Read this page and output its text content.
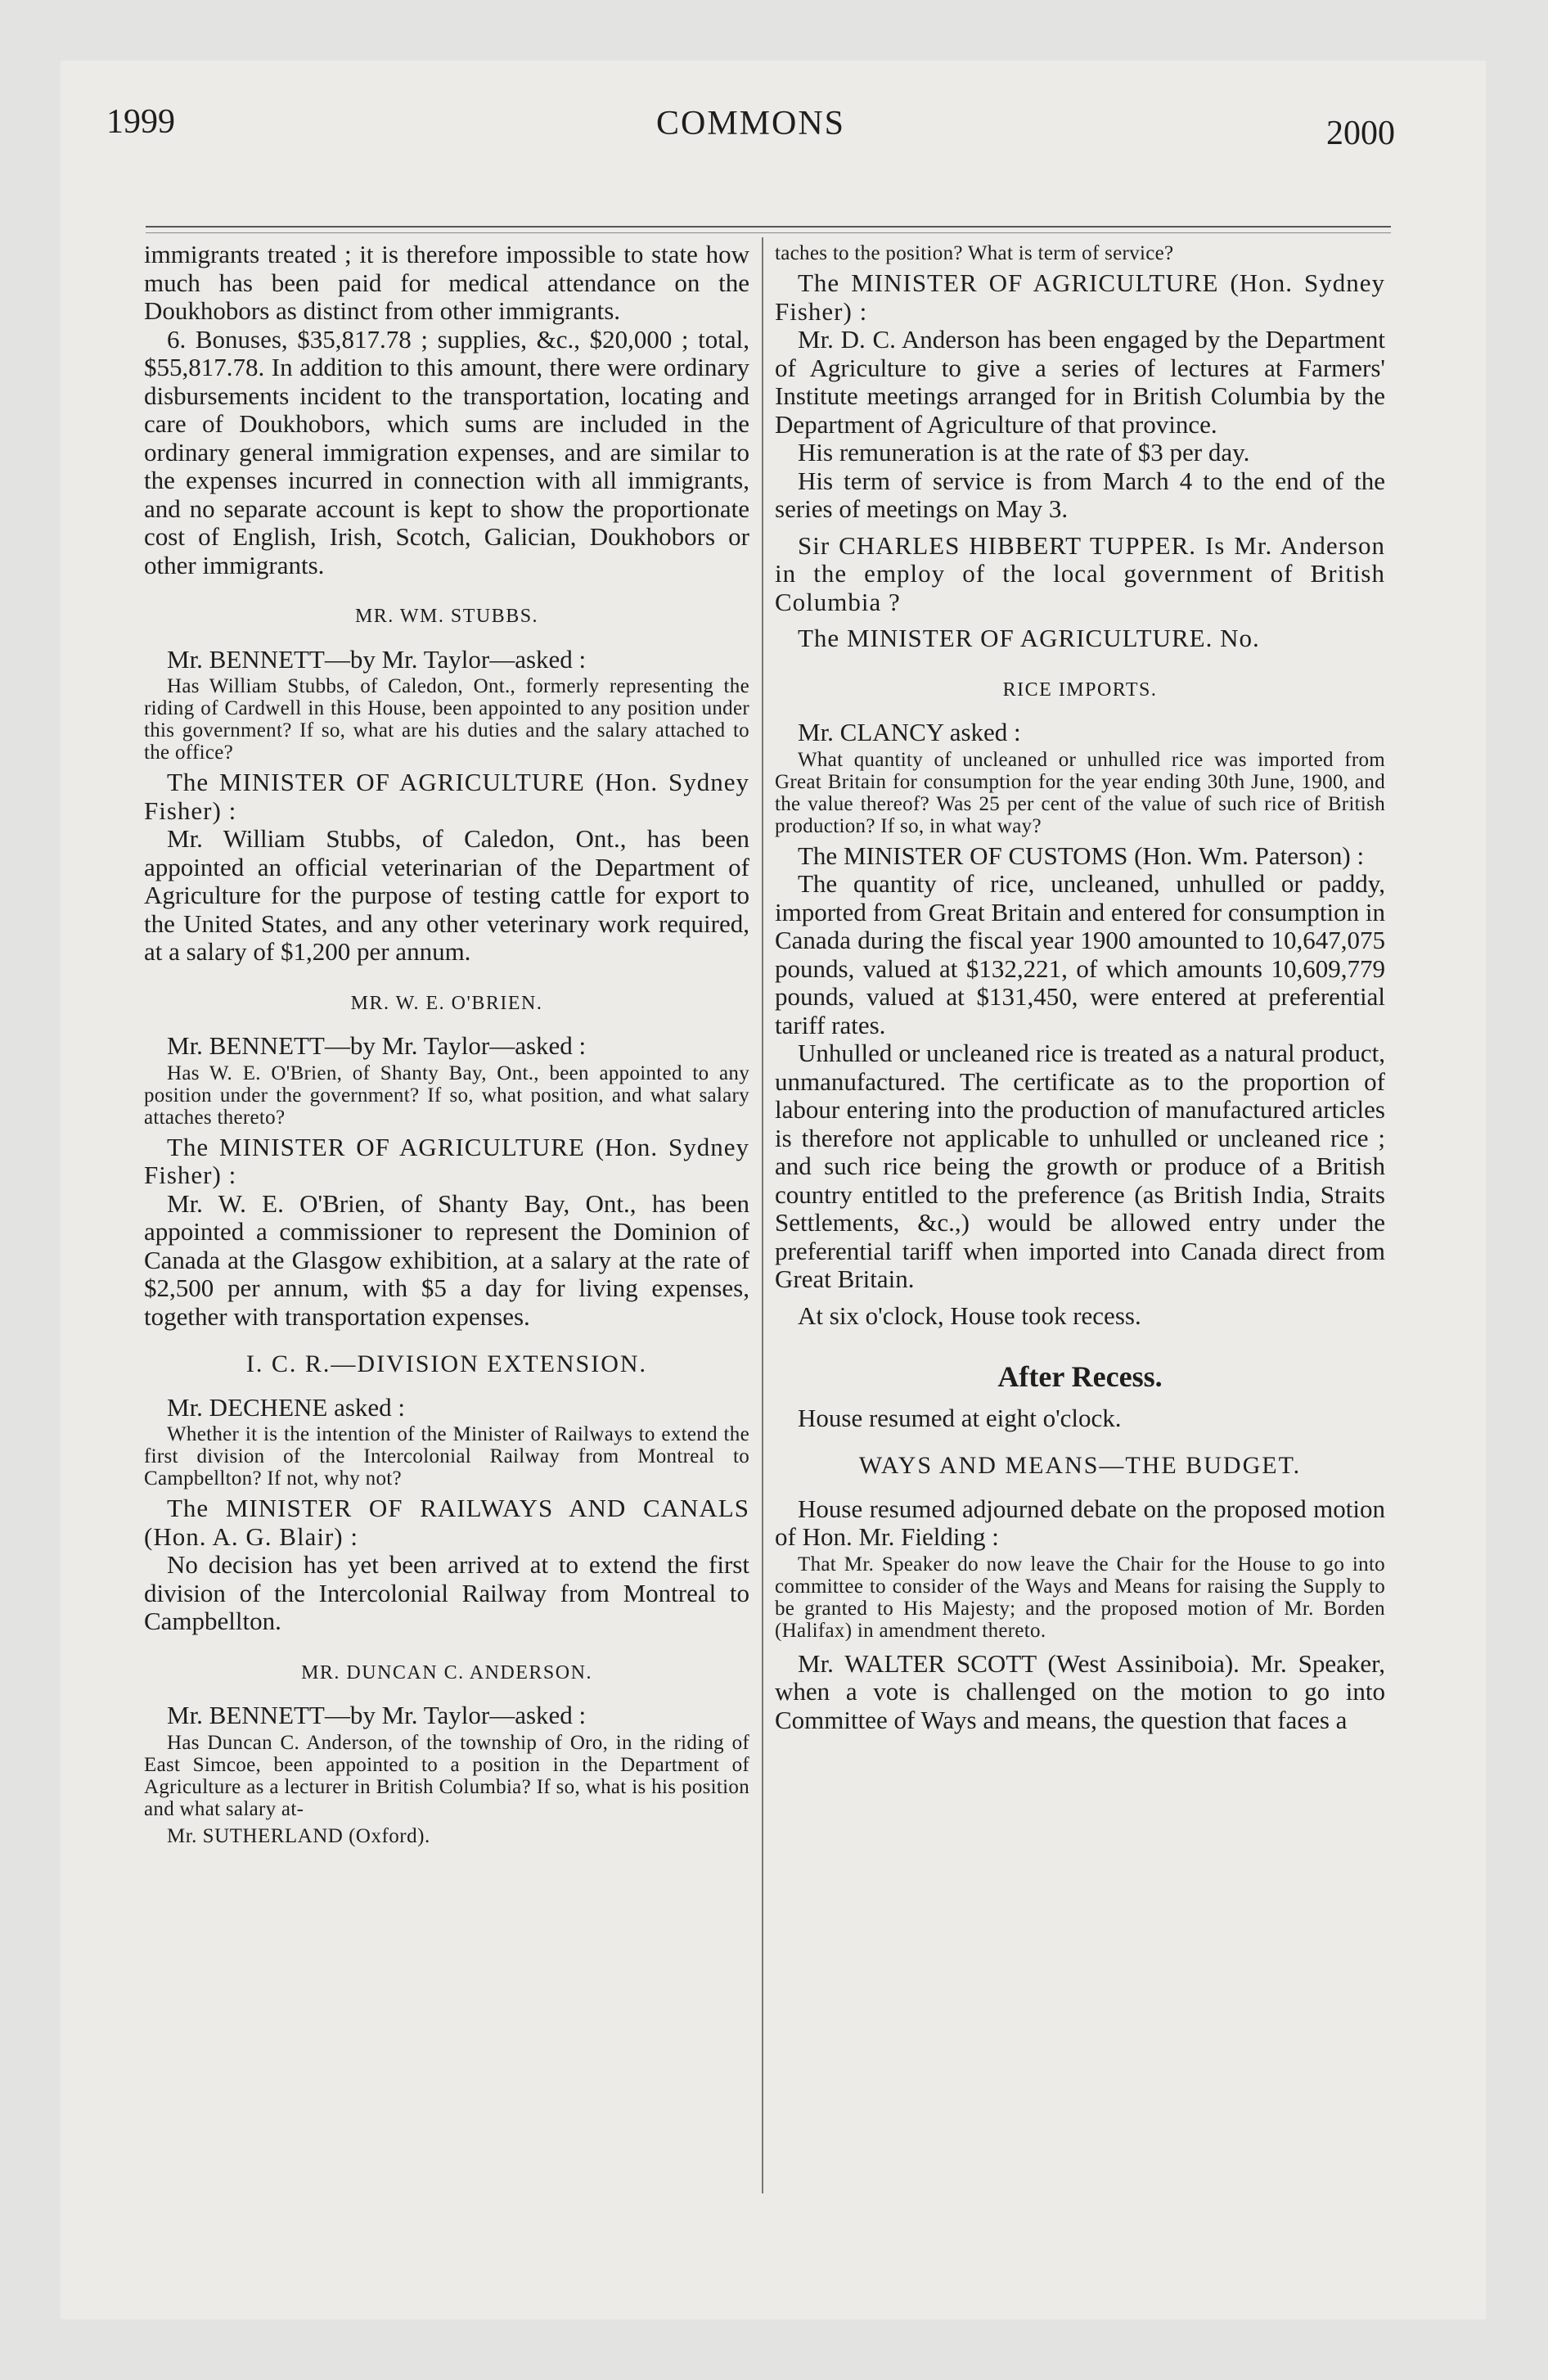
1999	COMMONS	2000

immigrants treated ; it is therefore impossible to state how much has been paid for medical attendance on the Doukhobors as distinct from other immigrants.

6. Bonuses, $35,817.78 ; supplies, &c., $20,000 ; total, $55,817.78. In addition to this amount, there were ordinary disbursements incident to the transportation, locating and care of Doukhobors, which sums are included in the ordinary general immigration expenses, and are similar to the expenses incurred in connection with all immigrants, and no separate account is kept to show the proportionate cost of English, Irish, Scotch, Galician, Doukhobors or other immigrants.

MR. WM. STUBBS.

Mr. BENNETT—by Mr. Taylor—asked :

Has William Stubbs, of Caledon, Ont., formerly representing the riding of Cardwell in this House, been appointed to any position under this government? If so, what are his duties and the salary attached to the office?

The MINISTER OF AGRICULTURE (Hon. Sydney Fisher) :

Mr. William Stubbs, of Caledon, Ont., has been appointed an official veterinarian of the Department of Agriculture for the purpose of testing cattle for export to the United States, and any other veterinary work required, at a salary of $1,200 per annum.

MR. W. E. O'BRIEN.

Mr. BENNETT—by Mr. Taylor—asked :

Has W. E. O'Brien, of Shanty Bay, Ont., been appointed to any position under the government? If so, what position, and what salary attaches thereto?

The MINISTER OF AGRICULTURE (Hon. Sydney Fisher) :

Mr. W. E. O'Brien, of Shanty Bay, Ont., has been appointed a commissioner to represent the Dominion of Canada at the Glasgow exhibition, at a salary at the rate of $2,500 per annum, with $5 a day for living expenses, together with transportation expenses.

I. C. R.—DIVISION EXTENSION.

Mr. DECHENE asked :

Whether it is the intention of the Minister of Railways to extend the first division of the Intercolonial Railway from Montreal to Campbellton? If not, why not?

The MINISTER OF RAILWAYS AND CANALS (Hon. A. G. Blair) :

No decision has yet been arrived at to extend the first division of the Intercolonial Railway from Montreal to Campbellton.

MR. DUNCAN C. ANDERSON.

Mr. BENNETT—by Mr. Taylor—asked :

Has Duncan C. Anderson, of the township of Oro, in the riding of East Simcoe, been appointed to a position in the Department of Agriculture as a lecturer in British Columbia? If so, what is his position and what salary at-

Mr. SUTHERLAND (Oxford).

taches to the position? What is term of service?

The MINISTER OF AGRICULTURE (Hon. Sydney Fisher) :

Mr. D. C. Anderson has been engaged by the Department of Agriculture to give a series of lectures at Farmers' Institute meetings arranged for in British Columbia by the Department of Agriculture of that province.

His remuneration is at the rate of $3 per day.

His term of service is from March 4 to the end of the series of meetings on May 3.

Sir CHARLES HIBBERT TUPPER. Is Mr. Anderson in the employ of the local government of British Columbia ?

The MINISTER OF AGRICULTURE. No.

RICE IMPORTS.

Mr. CLANCY asked :

What quantity of uncleaned or unhulled rice was imported from Great Britain for consumption for the year ending 30th June, 1900, and the value thereof? Was 25 per cent of the value of such rice of British production? If so, in what way?

The MINISTER OF CUSTOMS (Hon. Wm. Paterson) :

The quantity of rice, uncleaned, unhulled or paddy, imported from Great Britain and entered for consumption in Canada during the fiscal year 1900 amounted to 10,647,075 pounds, valued at $132,221, of which amounts 10,609,779 pounds, valued at $131,450, were entered at preferential tariff rates.

Unhulled or uncleaned rice is treated as a natural product, unmanufactured. The certificate as to the proportion of labour entering into the production of manufactured articles is therefore not applicable to unhulled or uncleaned rice ; and such rice being the growth or produce of a British country entitled to the preference (as British India, Straits Settlements, &c.,) would be allowed entry under the preferential tariff when imported into Canada direct from Great Britain.

At six o'clock, House took recess.

After Recess.

House resumed at eight o'clock.

WAYS AND MEANS—THE BUDGET.

House resumed adjourned debate on the proposed motion of Hon. Mr. Fielding :

That Mr. Speaker do now leave the Chair for the House to go into committee to consider of the Ways and Means for raising the Supply to be granted to His Majesty; and the proposed motion of Mr. Borden (Halifax) in amendment thereto.

Mr. WALTER SCOTT (West Assiniboia). Mr. Speaker, when a vote is challenged on the motion to go into Committee of Ways and means, the question that faces a
